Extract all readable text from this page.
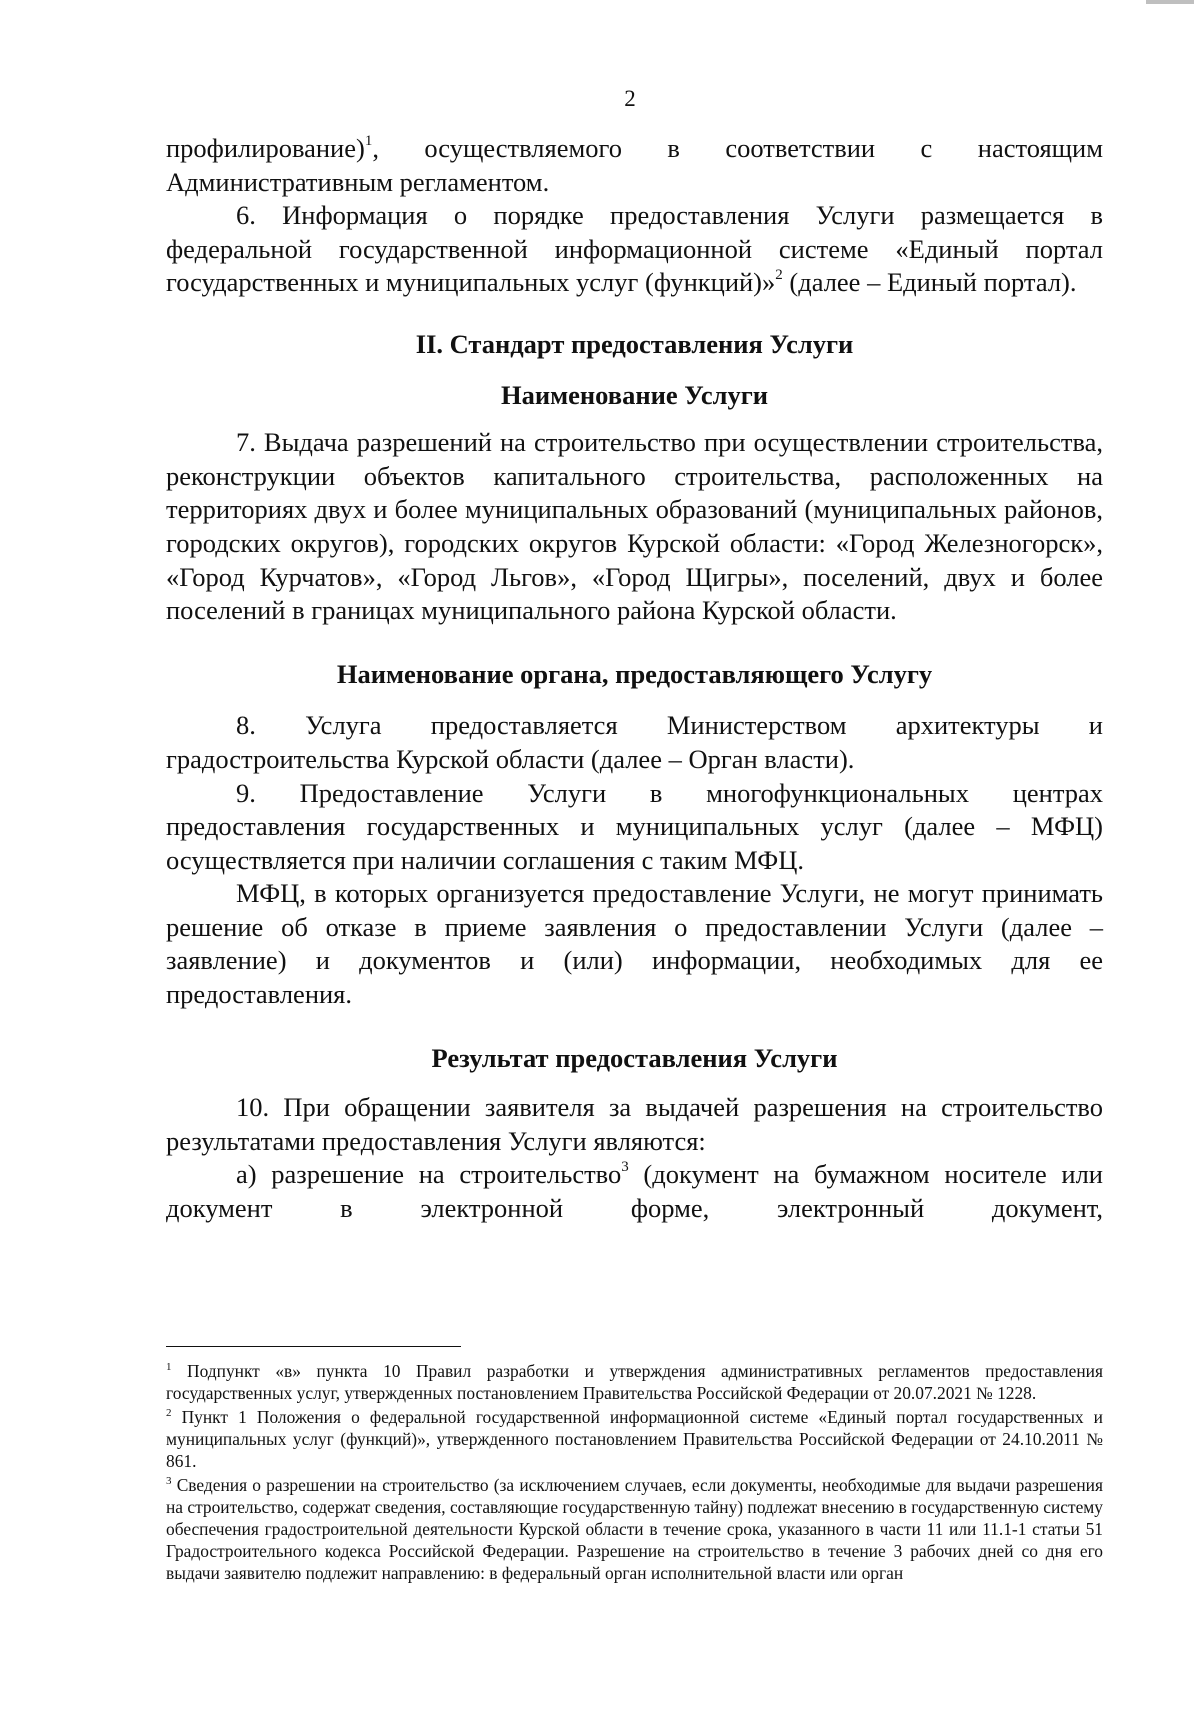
2

профилирование)$^1$, осуществляемого в соответствии с настоящим Административным регламентом.

6. Информация о порядке предоставления Услуги размещается в федеральной государственной информационной системе «Единый портал государственных и муниципальных услуг (функций)»$^2$ (далее – Единый портал).

II. Стандарт предоставления Услуги
Наименование Услуги

7. Выдача разрешений на строительство при осуществлении строительства, реконструкции объектов капитального строительства, расположенных на территориях двух и более муниципальных образований (муниципальных районов, городских округов), городских округов Курской области: «Город Железногорск», «Город Курчатов», «Город Льгов», «Город Щигры», поселений, двух и более поселений в границах муниципального района Курской области.

Наименование органа, предоставляющего Услугу

8. Услуга предоставляется Министерством архитектуры и градостроительства Курской области (далее – Орган власти).

9. Предоставление Услуги в многофункциональных центрах предоставления государственных и муниципальных услуг (далее – МФЦ) осуществляется при наличии соглашения с таким МФЦ.

МФЦ, в которых организуется предоставление Услуги, не могут принимать решение об отказе в приеме заявления о предоставлении Услуги (далее – заявление) и документов и (или) информации, необходимых для ее предоставления.

Результат предоставления Услуги

10. При обращении заявителя за выдачей разрешения на строительство результатами предоставления Услуги являются:

а) разрешение на строительство$^3$ (документ на бумажном носителе или документ в электронной форме, электронный документ,

$^1$ Подпункт «в» пункта 10 Правил разработки и утверждения административных регламентов предоставления государственных услуг, утвержденных постановлением Правительства Российской Федерации от 20.07.2021 № 1228.

$^2$ Пункт 1 Положения о федеральной государственной информационной системе «Единый портал государственных и муниципальных услуг (функций)», утвержденного постановлением Правительства Российской Федерации от 24.10.2011 № 861.

$^3$ Сведения о разрешении на строительство (за исключением случаев, если документы, необходимые для выдачи разрешения на строительство, содержат сведения, составляющие государственную тайну) подлежат внесению в государственную систему обеспечения градостроительной деятельности Курской области в течение срока, указанного в части 11 или 11.1-1 статьи 51 Градостроительного кодекса Российской Федерации. Разрешение на строительство в течение 3 рабочих дней со дня его выдачи заявителю подлежит направлению: в федеральный орган исполнительной власти или орган
